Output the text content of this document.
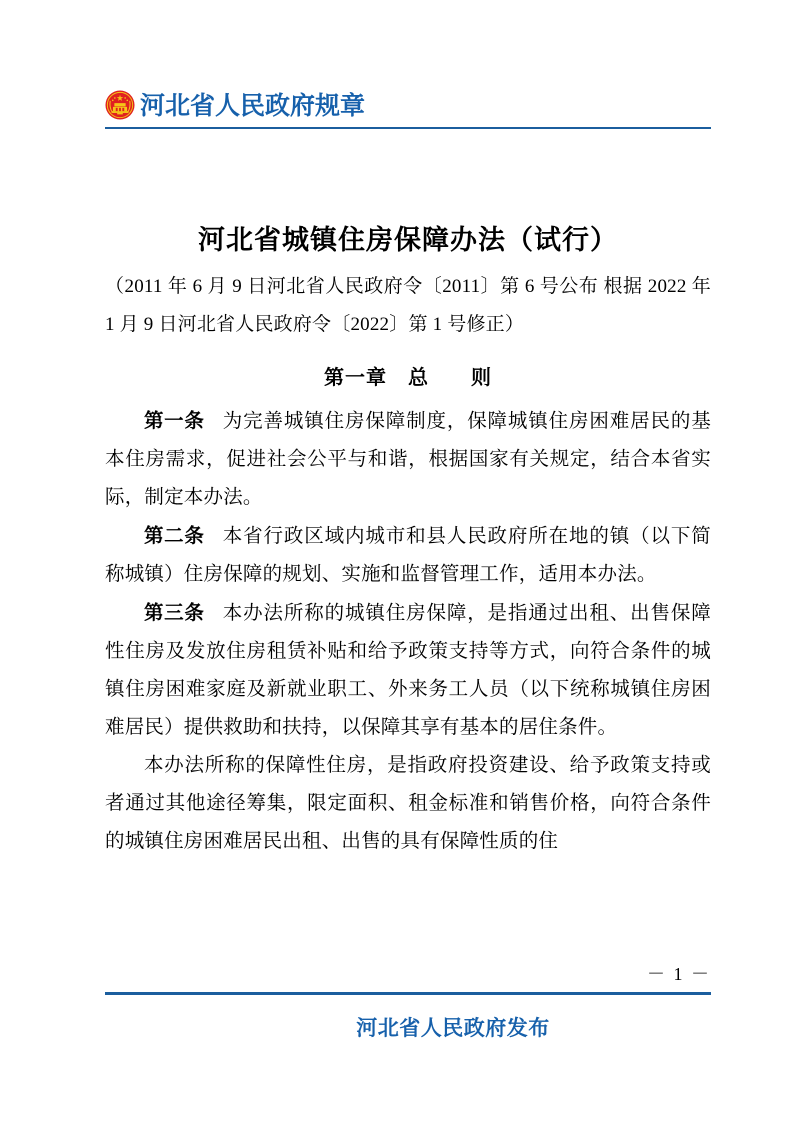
河北省人民政府规章
河北省城镇住房保障办法（试行）

（2011 年 6 月 9 日河北省人民政府令〔2011〕第 6 号公布 根据 2022 年 1 月 9 日河北省人民政府令〔2022〕第 1 号修正）

第一章　总　　则

第一条 为完善城镇住房保障制度，保障城镇住房困难居民的基本住房需求，促进社会公平与和谐，根据国家有关规定，结合本省实际，制定本办法。

第二条 本省行政区域内城市和县人民政府所在地的镇（以下简称城镇）住房保障的规划、实施和监督管理工作，适用本办法。

第三条 本办法所称的城镇住房保障，是指通过出租、出售保障性住房及发放住房租赁补贴和给予政策支持等方式，向符合条件的城镇住房困难家庭及新就业职工、外来务工人员（以下统称城镇住房困难居民）提供救助和扶持，以保障其享有基本的居住条件。

本办法所称的保障性住房，是指政府投资建设、给予政策支持或者通过其他途径筹集，限定面积、租金标准和销售价格，向符合条件的城镇住房困难居民出租、出售的具有保障性质的住

－ 1 －
河北省人民政府发布
